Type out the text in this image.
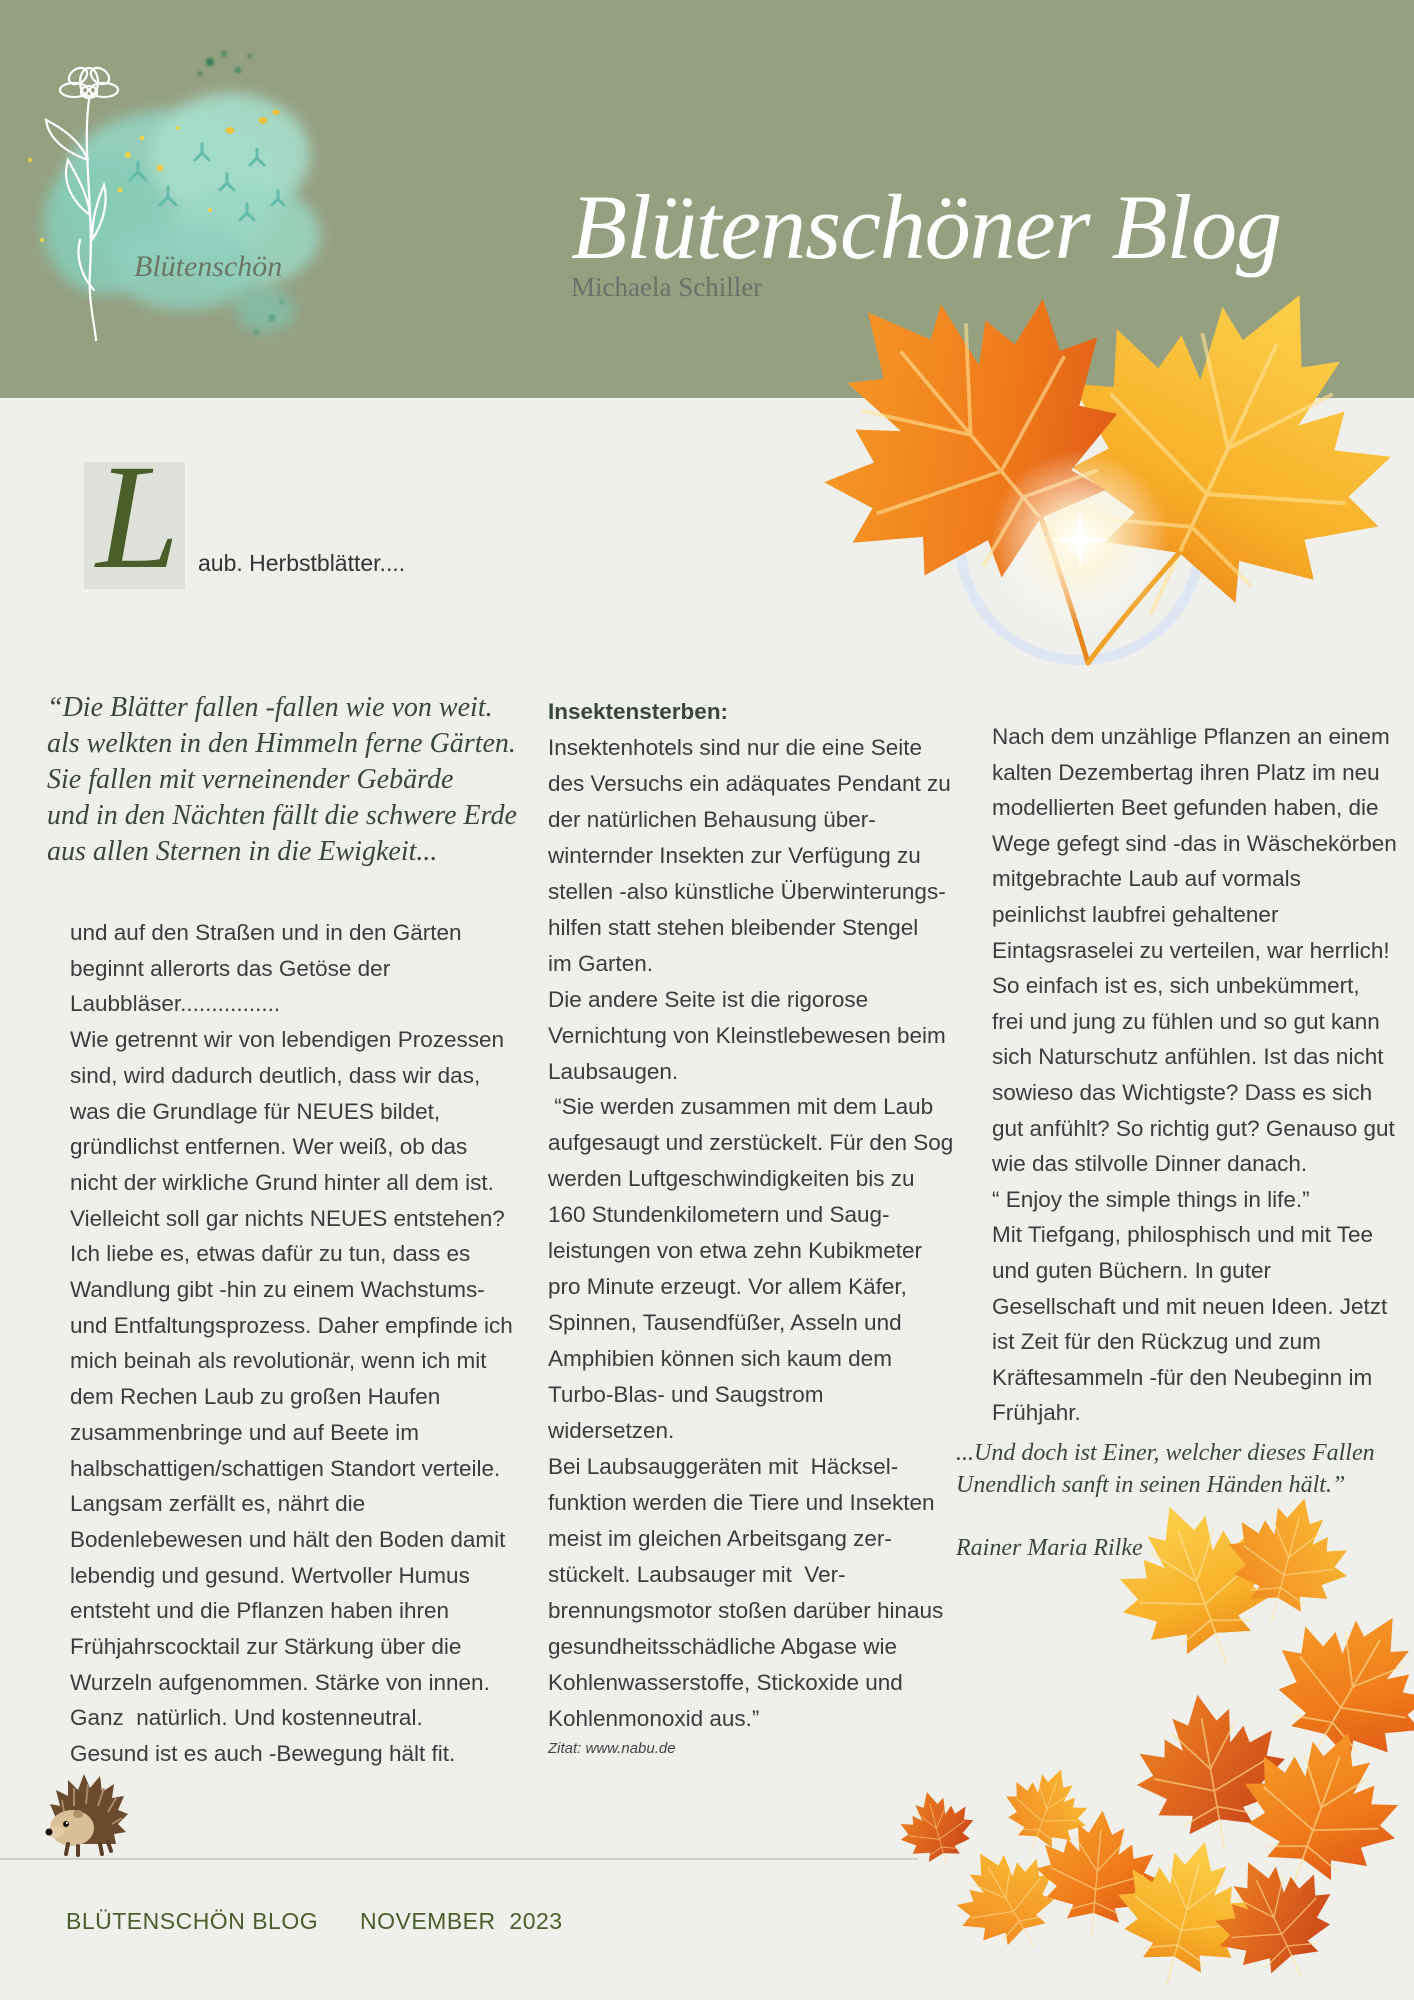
Blütenschön	Blütenschöner Blog
Michaela Schiller
L aub. Herbstblätter....
“Die Blätter fallen -fallen wie von weit.
als welkten in den Himmeln ferne Gärten.
Sie fallen mit verneinender Gebärde
und in den Nächten fällt die schwere Erde
aus allen Sternen in die Ewigkeit...
und auf den Straßen und in den Gärten
beginnt allerorts das Getöse der
Laubbläser................
Wie getrennt wir von lebendigen Prozessen
sind, wird dadurch deutlich, dass wir das,
was die Grundlage für NEUES bildet,
gründlichst entfernen. Wer weiß, ob das
nicht der wirkliche Grund hinter all dem ist.
Vielleicht soll gar nichts NEUES entstehen?
Ich liebe es, etwas dafür zu tun, dass es
Wandlung gibt -hin zu einem Wachstums-
und Entfaltungsprozess. Daher empfinde ich
mich beinah als revolutionär, wenn ich mit
dem Rechen Laub zu großen Haufen
zusammenbringe und auf Beete im
halbschattigen/schattigen Standort verteile.
Langsam zerfällt es, nährt die
Bodenlebewesen und hält den Boden damit
lebendig und gesund. Wertvoller Humus
entsteht und die Pflanzen haben ihren
Frühjahrscocktail zur Stärkung über die
Wurzeln aufgenommen. Stärke von innen.
Ganz  natürlich. Und kostenneutral.
Gesund ist es auch -Bewegung hält fit.
Insektensterben:
Insektenhotels sind nur die eine Seite
des Versuchs ein adäquates Pendant zu
der natürlichen Behausung über-
winternder Insekten zur Verfügung zu
stellen -also künstliche Überwinterungs-
hilfen statt stehen bleibender Stengel
im Garten.
Die andere Seite ist die rigorose
Vernichtung von Kleinstlebewesen beim
Laubsaugen.
“Sie werden zusammen mit dem Laub
aufgesaugt und zerstückelt. Für den Sog
werden Luftgeschwindigkeiten bis zu
160 Stundenkilometern und Saug-
leistungen von etwa zehn Kubikmeter
pro Minute erzeugt. Vor allem Käfer,
Spinnen, Tausendfüßer, Asseln und
Amphibien können sich kaum dem
Turbo-Blas- und Saugstrom
widersetzen.
Bei Laubsauggeräten mit  Häcksel-
funktion werden die Tiere und Insekten
meist im gleichen Arbeitsgang zer-
stückelt. Laubsauger mit  Ver-
brennungsmotor stoßen darüber hinaus
gesundheitsschädliche Abgase wie
Kohlenwasserstoffe, Stickoxide und
Kohlenmonoxid aus.”
Zitat: www.nabu.de
Nach dem unzählige Pflanzen an einem
kalten Dezembertag ihren Platz im neu
modellierten Beet gefunden haben, die
Wege gefegt sind -das in Wäschekörben
mitgebrachte Laub auf vormals
peinlichst laubfrei gehaltener
Eintagsraselei zu verteilen, war herrlich!
So einfach ist es, sich unbekümmert,
frei und jung zu fühlen und so gut kann
sich Naturschutz anfühlen. Ist das nicht
sowieso das Wichtigste? Dass es sich
gut anfühlt? So richtig gut? Genauso gut
wie das stilvolle Dinner danach.
“ Enjoy the simple things in life.”
Mit Tiefgang, philosphisch und mit Tee
und guten Büchern. In guter
Gesellschaft und mit neuen Ideen. Jetzt
ist Zeit für den Rückzug und zum
Kräftesammeln -für den Neubeginn im
Frühjahr.
...Und doch ist Einer, welcher dieses Fallen
Unendlich sanft in seinen Händen hält.”
Rainer Maria Rilke
BLÜTENSCHÖN BLOG NOVEMBER  2023
